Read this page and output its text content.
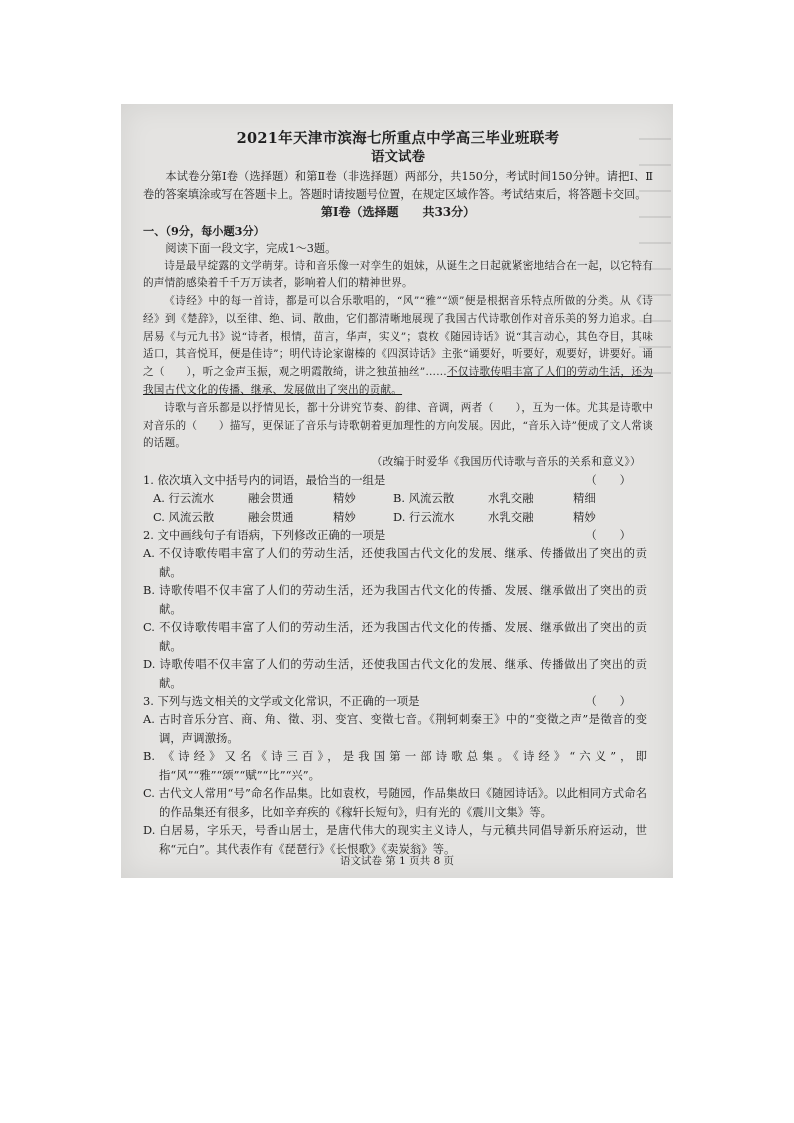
2021年天津市滨海七所重点中学高三毕业班联考
语文试卷

本试卷分第Ⅰ卷（选择题）和第Ⅱ卷（非选择题）两部分，共150分，考试时间150分钟。请把Ⅰ、Ⅱ卷的答案填涂或写在答题卡上。答题时请按题号位置，在规定区域作答。考试结束后，将答题卡交回。

第Ⅰ卷（选择题　　共33分）
一、（9分，每小题3分）

阅读下面一段文字，完成1～3题。

诗是最早绽露的文学萌芽。诗和音乐像一对孪生的姐妹，从诞生之日起就紧密地结合在一起，以它特有的声情韵感染着千千万万读者，影响着人们的精神世界。

《诗经》中的每一首诗，都是可以合乐歌唱的，“风”“雅”“颂”便是根据音乐特点所做的分类。从《诗经》到《楚辞》，以至律、绝、词、散曲，它们都清晰地展现了我国古代诗歌创作对音乐美的努力追求。白居易《与元九书》说“诗者，根情，苗言，华声，实义”；袁枚《随园诗话》说“其言动心，其色夺目，其味适口，其音悦耳，便是佳诗”；明代诗论家谢榛的《四溟诗话》主张“诵要好，听要好，观要好，讲要好。诵之（　　），听之金声玉振，观之明霞散绮，讲之独茧抽丝”……不仅诗歌传唱丰富了人们的劳动生活，还为我国古代文化的传播、继承、发展做出了突出的贡献。

诗歌与音乐都是以抒情见长，都十分讲究节奏、韵律、音调，两者（　　），互为一体。尤其是诗歌中对音乐的（　　）描写，更保证了音乐与诗歌朝着更加理性的方向发展。因此，“音乐入诗”便成了文人常谈的话题。

（改编于时爱华《我国历代诗歌与音乐的关系和意义》）
1. 依次填入文中括号内的词语，最恰当的一组是	（　　）
A. 行云流水	融会贯通	精妙	B. 风流云散	水乳交融	精细
C. 风流云散	融会贯通	精妙	D. 行云流水	水乳交融	精妙
2. 文中画线句子有语病，下列修改正确的一项是	（　　）
A. 不仅诗歌传唱丰富了人们的劳动生活，还使我国古代文化的发展、继承、传播做出了突出的贡献。
B. 诗歌传唱不仅丰富了人们的劳动生活，还为我国古代文化的传播、发展、继承做出了突出的贡献。
C. 不仅诗歌传唱丰富了人们的劳动生活，还为我国古代文化的传播、发展、继承做出了突出的贡献。
D. 诗歌传唱不仅丰富了人们的劳动生活，还使我国古代文化的发展、继承、传播做出了突出的贡献。
3. 下列与选文相关的文学或文化常识，不正确的一项是	（　　）
A. 古时音乐分宫、商、角、徵、羽、变宫、变徵七音。《荆轲刺秦王》中的“变徵之声”是徵音的变调，声调激扬。
B. 《诗经》又名《诗三百》，是我国第一部诗歌总集。《诗经》“六义”，即指“风”“雅”“颂”“赋”“比”“兴”。
C. 古代文人常用“号”命名作品集。比如袁枚，号随园，作品集故曰《随园诗话》。以此相同方式命名的作品集还有很多，比如辛弃疾的《稼轩长短句》，归有光的《震川文集》等。
D. 白居易，字乐天，号香山居士，是唐代伟大的现实主义诗人，与元稹共同倡导新乐府运动，世称“元白”。其代表作有《琵琶行》《长恨歌》《卖炭翁》等。
语文试卷 第 1 页共 8 页
